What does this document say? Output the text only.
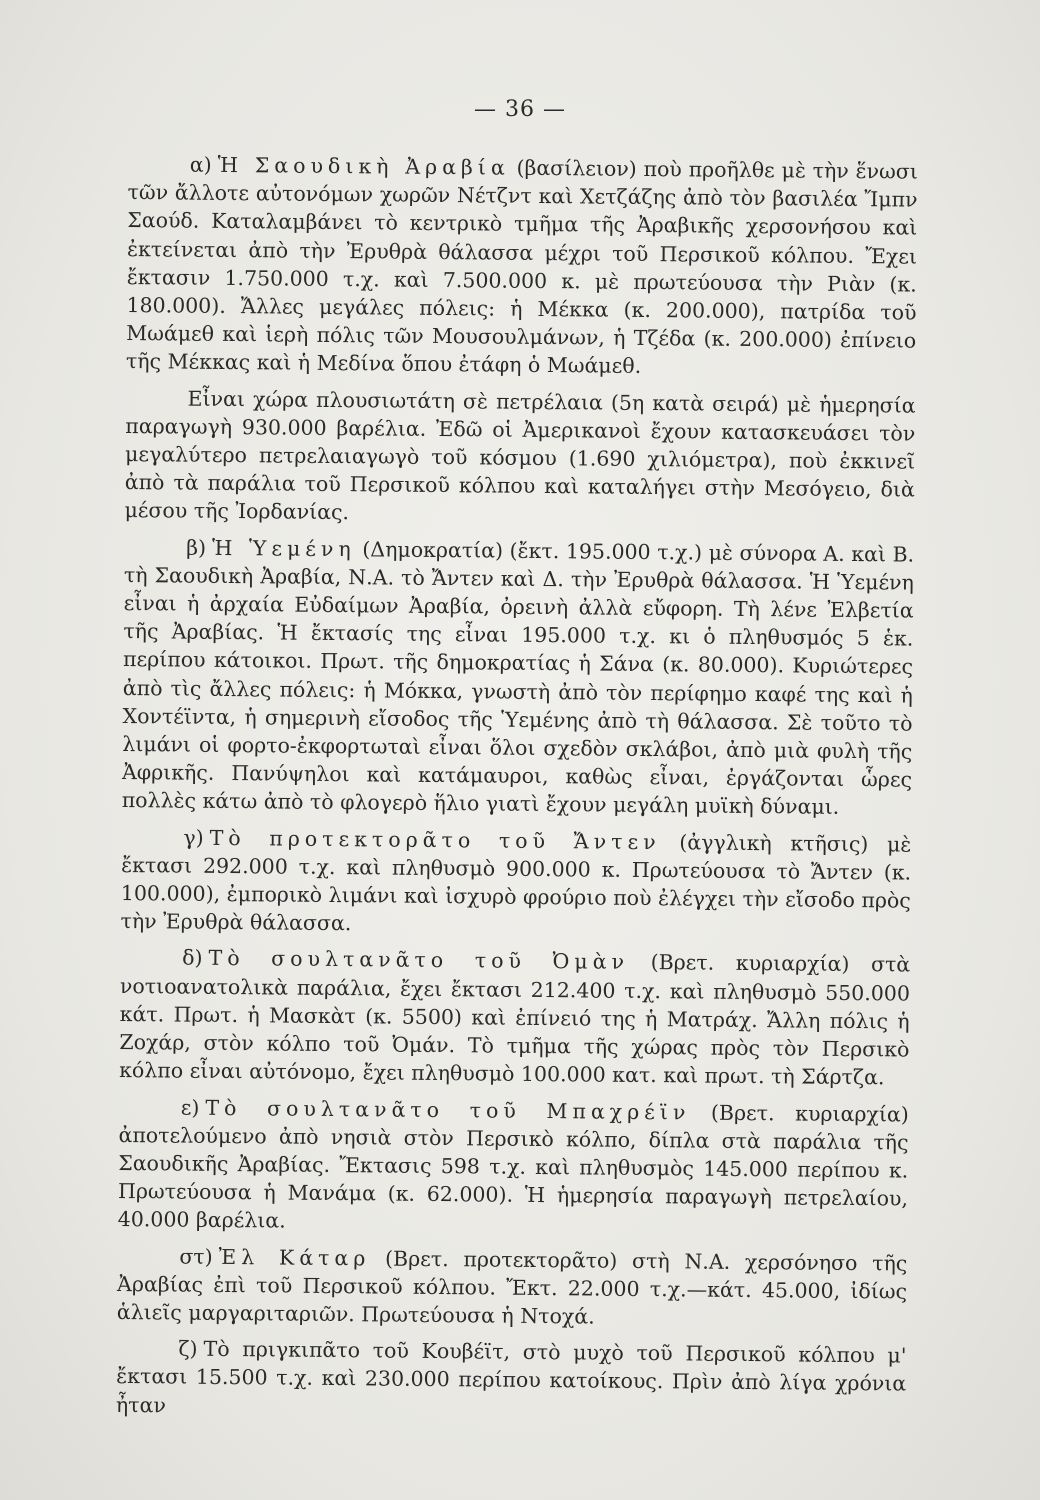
— 36 —

α) Ἡ Σαουδικὴ Ἀραβία (βασίλειον) ποὺ προῆλθε μὲ τὴν ἕνωσι τῶν ἄλλοτε αὐτονόμων χωρῶν Νέτζντ καὶ Χετζάζης ἀπὸ τὸν βασιλέα Ἴμπν Σαούδ. Καταλαμβάνει τὸ κεντρικὸ τμῆμα τῆς Ἀραβικῆς χερσονήσου καὶ ἐκτείνεται ἀπὸ τὴν Ἐρυθρὰ θάλασσα μέχρι τοῦ Περσικοῦ κόλπου. Ἔχει ἔκτασιν 1.750.000 τ.χ. καὶ 7.500.000 κ. μὲ πρωτεύουσα τὴν Ριὰν (κ. 180.000). Ἄλλες μεγάλες πόλεις: ἡ Μέκκα (κ. 200.000), πατρίδα τοῦ Μωάμεθ καὶ ἱερὴ πόλις τῶν Μουσουλμάνων, ἡ Τζέδα (κ. 200.000) ἐπίνειο τῆς Μέκκας καὶ ἡ Μεδίνα ὅπου ἐτάφη ὁ Μωάμεθ.

Εἶναι χώρα πλουσιωτάτη σὲ πετρέλαια (5η κατὰ σειρά) μὲ ἡμερησία παραγωγὴ 930.000 βαρέλια. Ἐδῶ οἱ Ἀμερικανοὶ ἔχουν κατασκευάσει τὸν μεγαλύτερο πετρελαιαγωγὸ τοῦ κόσμου (1.690 χιλιόμετρα), ποὺ ἐκκινεῖ ἀπὸ τὰ παράλια τοῦ Περσικοῦ κόλπου καὶ καταλήγει στὴν Μεσόγειο, διὰ μέσου τῆς Ἰορδανίας.

β) Ἡ Ὑεμένη (Δημοκρατία) (ἔκτ. 195.000 τ.χ.) μὲ σύνορα Α. καὶ Β. τὴ Σαουδικὴ Ἀραβία, Ν.Α. τὸ Ἄντεν καὶ Δ. τὴν Ἐρυθρὰ θάλασσα. Ἡ Ὑεμένη εἶναι ἡ ἀρχαία Εὐδαίμων Ἀραβία, ὀρεινὴ ἀλλὰ εὔφορη. Τὴ λένε Ἐλβετία τῆς Ἀραβίας. Ἡ ἔκτασίς της εἶναι 195.000 τ.χ. κι ὁ πληθυσμός 5 ἑκ. περίπου κάτοικοι. Πρωτ. τῆς δημοκρατίας ἡ Σάνα (κ. 80.000). Κυριώτερες ἀπὸ τὶς ἄλλες πόλεις: ἡ Μόκκα, γνωστὴ ἀπὸ τὸν περίφημο καφέ της καὶ ἡ Χοντέϊντα, ἡ σημερινὴ εἴσοδος τῆς Ὑεμένης ἀπὸ τὴ θάλασσα. Σὲ τοῦτο τὸ λιμάνι οἱ φορτο-ἐκφορτωταὶ εἶναι ὅλοι σχεδὸν σκλάβοι, ἀπὸ μιὰ φυλὴ τῆς Ἀφρικῆς. Πανύψηλοι καὶ κατάμαυροι, καθὼς εἶναι, ἐργάζονται ὧρες πολλὲς κάτω ἀπὸ τὸ φλογερὸ ἥλιο γιατὶ ἔχουν μεγάλη μυϊκὴ δύναμι.

γ) Τὸ προτεκτορᾶτο τοῦ Ἄντεν (ἀγγλικὴ κτῆσις) μὲ ἔκτασι 292.000 τ.χ. καὶ πληθυσμὸ 900.000 κ. Πρωτεύουσα τὸ Ἄντεν (κ. 100.000), ἐμπορικὸ λιμάνι καὶ ἰσχυρὸ φρούριο ποὺ ἐλέγχει τὴν εἴσοδο πρὸς τὴν Ἐρυθρὰ θάλασσα.

δ) Τὸ σουλτανᾶτο τοῦ Ὀμὰν (Βρετ. κυριαρχία) στὰ νοτιοανατολικὰ παράλια, ἔχει ἔκτασι 212.400 τ.χ. καὶ πληθυσμὸ 550.000 κάτ. Πρωτ. ἡ Μασκὰτ (κ. 5500) καὶ ἐπίνειό της ἡ Ματράχ. Ἄλλη πόλις ἡ Ζοχάρ, στὸν κόλπο τοῦ Ὀμάν. Τὸ τμῆμα τῆς χώρας πρὸς τὸν Περσικὸ κόλπο εἶναι αὐτόνομο, ἔχει πληθυσμὸ 100.000 κατ. καὶ πρωτ. τὴ Σάρτζα.

ε) Τὸ σουλτανᾶτο τοῦ Μπαχρέϊν (Βρετ. κυριαρχία) ἀποτελούμενο ἀπὸ νησιὰ στὸν Περσικὸ κόλπο, δίπλα στὰ παράλια τῆς Σαουδικῆς Ἀραβίας. Ἔκτασις 598 τ.χ. καὶ πληθυσμὸς 145.000 περίπου κ. Πρωτεύουσα ἡ Μανάμα (κ. 62.000). Ἡ ἡμερησία παραγωγὴ πετρελαίου, 40.000 βαρέλια.

στ) Ἐλ Κάταρ (Βρετ. προτεκτορᾶτο) στὴ Ν.Α. χερσόνησο τῆς Ἀραβίας ἐπὶ τοῦ Περσικοῦ κόλπου. Ἔκτ. 22.000 τ.χ.—κάτ. 45.000, ἰδίως ἁλιεῖς μαργαριταριῶν. Πρωτεύουσα ἡ Ντοχά.

ζ) Τὸ πριγκιπᾶτο τοῦ Κουβέϊτ, στὸ μυχὸ τοῦ Περσικοῦ κόλπου μ' ἔκτασι 15.500 τ.χ. καὶ 230.000 περίπου κατοίκους. Πρὶν ἀπὸ λίγα χρόνια ἦταν
